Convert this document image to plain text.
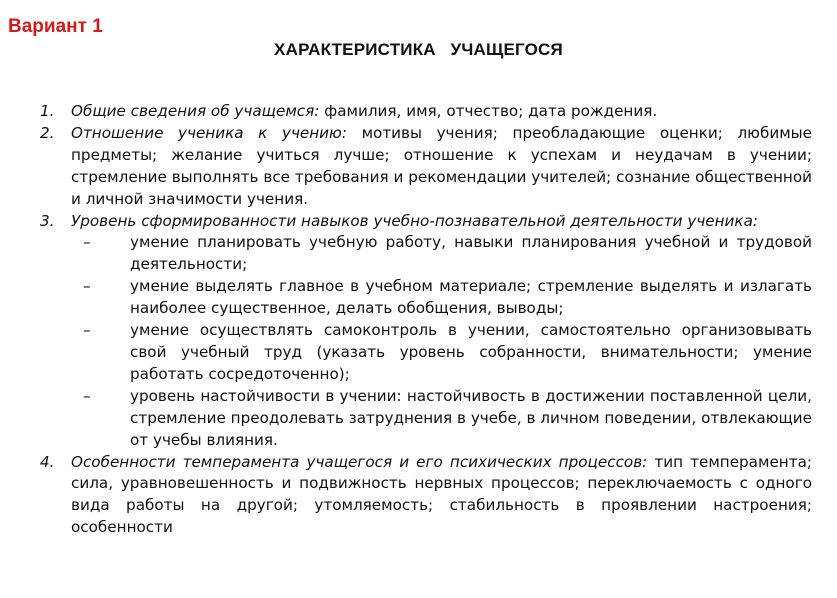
Вариант 1
ХАРАКТЕРИСТИКА   УЧАЩЕГОСЯ
1. Общие сведения об учащемся: фамилия, имя, отчество; дата рождения.
2. Отношение ученика к учению: мотивы учения; преобладающие оценки; любимые предметы; желание учиться лучше; отношение к успехам и неудачам в учении; стремление выполнять все требования и рекомендации учителей; сознание общественной и личной значимости учения.
3. Уровень сформированности навыков учебно-познавательной деятельности ученика:
–	умение планировать учебную работу, навыки планирования учебной и трудовой деятельности;
–	умение выделять главное в учебном материале; стремление выделять и излагать наиболее существенное, делать обобщения, выводы;
–	умение осуществлять самоконтроль в учении, самостоятельно организовывать свой учебный труд (указать уровень собранности, внимательности; умение работать сосредоточенно);
–	уровень настойчивости в учении: настойчивость в достижении поставленной цели, стремление преодолевать затруднения в учебе, в личном поведении, отвлекающие от учебы влияния.
4. Особенности темперамента учащегося и его психических процессов: тип темперамента; сила, уравновешенность и подвижность нервных процессов; переключаемость с одного вида работы на другой; утомляемость; стабильность в проявлении настроения; особенности
